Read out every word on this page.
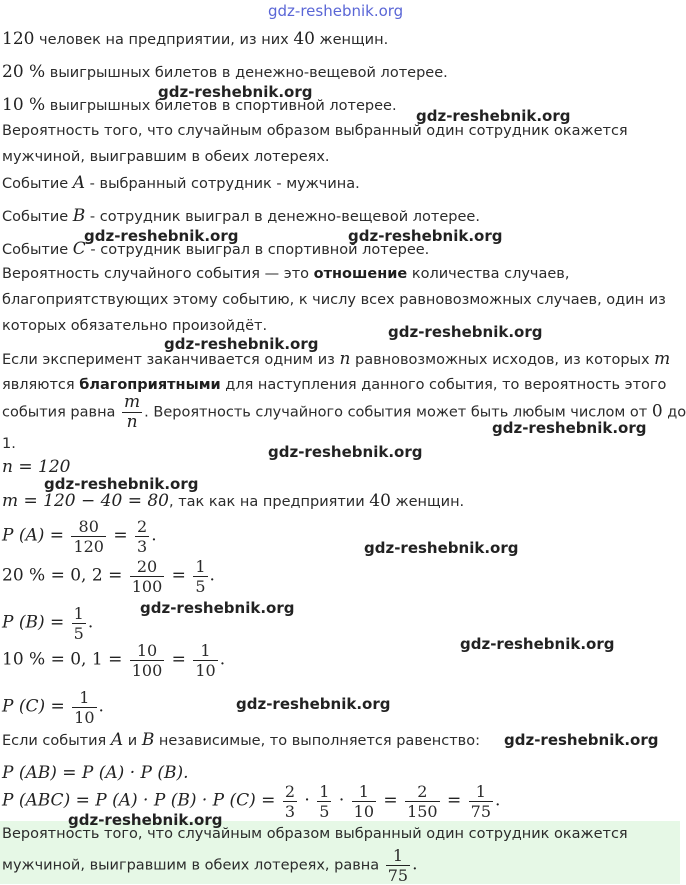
gdz-reshebnik.org
gdz-reshebnik.org
gdz-reshebnik.org
gdz-reshebnik.org	gdz-reshebnik.org
gdz-reshebnik.org
gdz-reshebnik.org
gdz-reshebnik.org
gdz-reshebnik.org
gdz-reshebnik.org
gdz-reshebnik.org
gdz-reshebnik.org
gdz-reshebnik.org
gdz-reshebnik.org
gdz-reshebnik.org
gdz-reshebnik.org
120 человек на предприятии, из них 40 женщин.
20 % выигрышных билетов в денежно-вещевой лотерее.
10 % выигрышных билетов в спортивной лотерее.
Вероятность того, что случайным образом выбранный один сотрудник окажется
мужчиной, выигравшим в обеих лотереях.
Событие A - выбранный сотрудник - мужчина.
Событие B - сотрудник выиграл в денежно-вещевой лотерее.
Событие C - сотрудник выиграл в спортивной лотерее.
Вероятность случайного события — это отношение количества случаев,
благоприятствующих этому событию, к числу всех равновозможных случаев, один из
которых обязательно произойдёт.
Если эксперимент заканчивается одним из n равновозможных исходов, из которых m
являются благоприятными для наступления данного события, то вероятность этого
события равна $\frac{m}{n}$ . Вероятность случайного события может быть любым числом от 0 до
1.
n = 120
m = 120 − 40 = 80, так как на предприятии 40 женщин.
P $(A) = \frac{80}{120} = \frac{2}{3}$ .
20 % = 0, $2 = \frac{20}{100} = \frac{1}{5}$ .
P $(B) = \frac{1}{5}$ .
10 % = 0, $1 = \frac{10}{100} = \frac{1}{10}$ .
P $(C) = \frac{1}{10}$ .
Если события A и B независимые, то выполняется равенство:
P (AB) = P (A) · P (B).
P (ABC) = P (A) · P (B) · P $(C) = \frac{2}{3} \cdot \frac{1}{5} \cdot \frac{1}{10} = \frac{2}{150} = \frac{1}{75}$ .
Вероятность того, что случайным образом выбранный один сотрудник окажется
мужчиной, выигравшим в обеих лотереях, равна $\frac{1}{75}$ .
